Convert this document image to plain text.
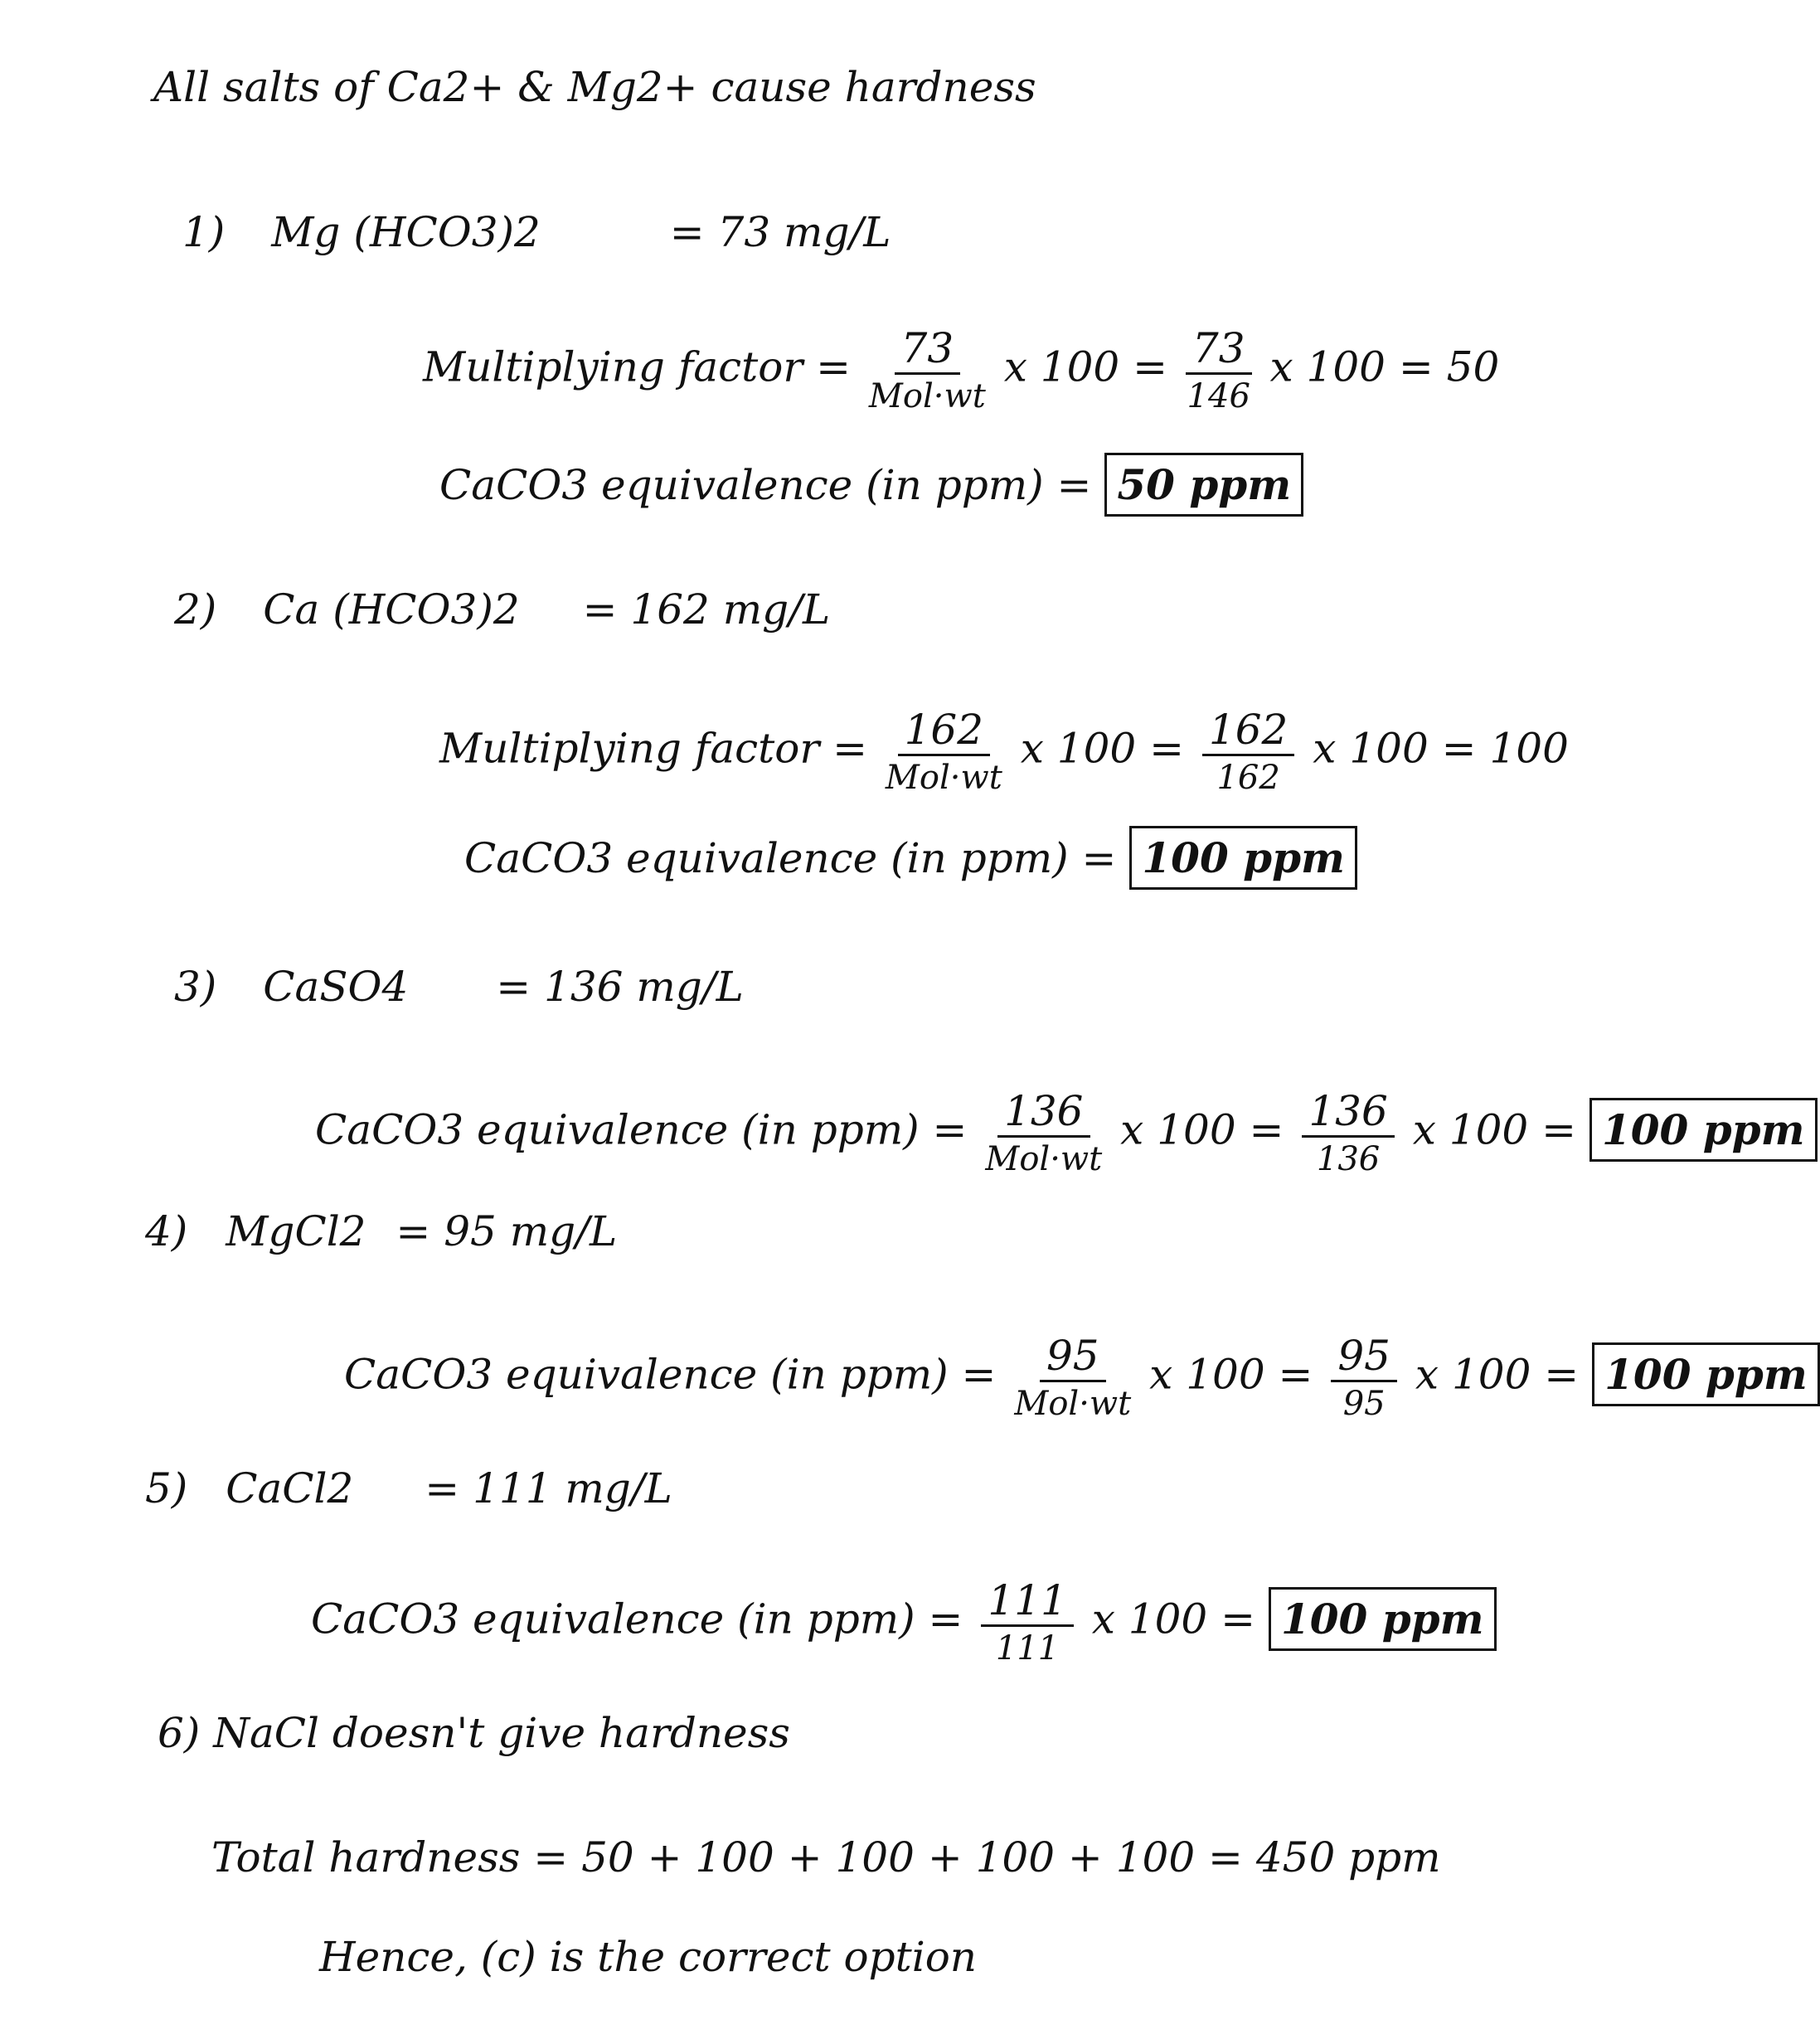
All salts of Ca2+ & Mg2+ cause hardness
1) Mg (HCO3)2	= 73 mg/L
Multiplying factor = $\frac{73}{\text{Mol·wt}}$ x $100 = \frac{73}{146}$ x 100 = 50
CaCO3 equivalence (in ppm) = 50 ppm
2) Ca (HCO3)2 = 162 mg/L
Multiplying factor = $\frac{162}{\text{Mol·wt}}$ x $100 = \frac{162}{162}$ x 100 = 100
CaCO3 equivalence (in ppm) = 100 ppm
3) CaSO4 = 136 mg/L
CaCO3 equivalence (in $ppm) = \frac{136}{\text{Mol·wt}}$ x $100 = \frac{136}{136}$ x 100 = 100 ppm
4) MgCl2 = 95 mg/L
CaCO3 equivalence (in $ppm) = \frac{95}{\text{Mol·wt}}$ x $100 = \frac{95}{95}$ x 100 = 100 ppm
5) CaCl2 = 111 mg/L
CaCO3 equivalence (in $ppm) = \frac{111}{111}$ x 100 = 100 ppm
6) NaCl doesn't give hardness
Total hardness = 50 + 100 + 100 + 100 + 100 = 450 ppm
Hence, (c) is the correct option
